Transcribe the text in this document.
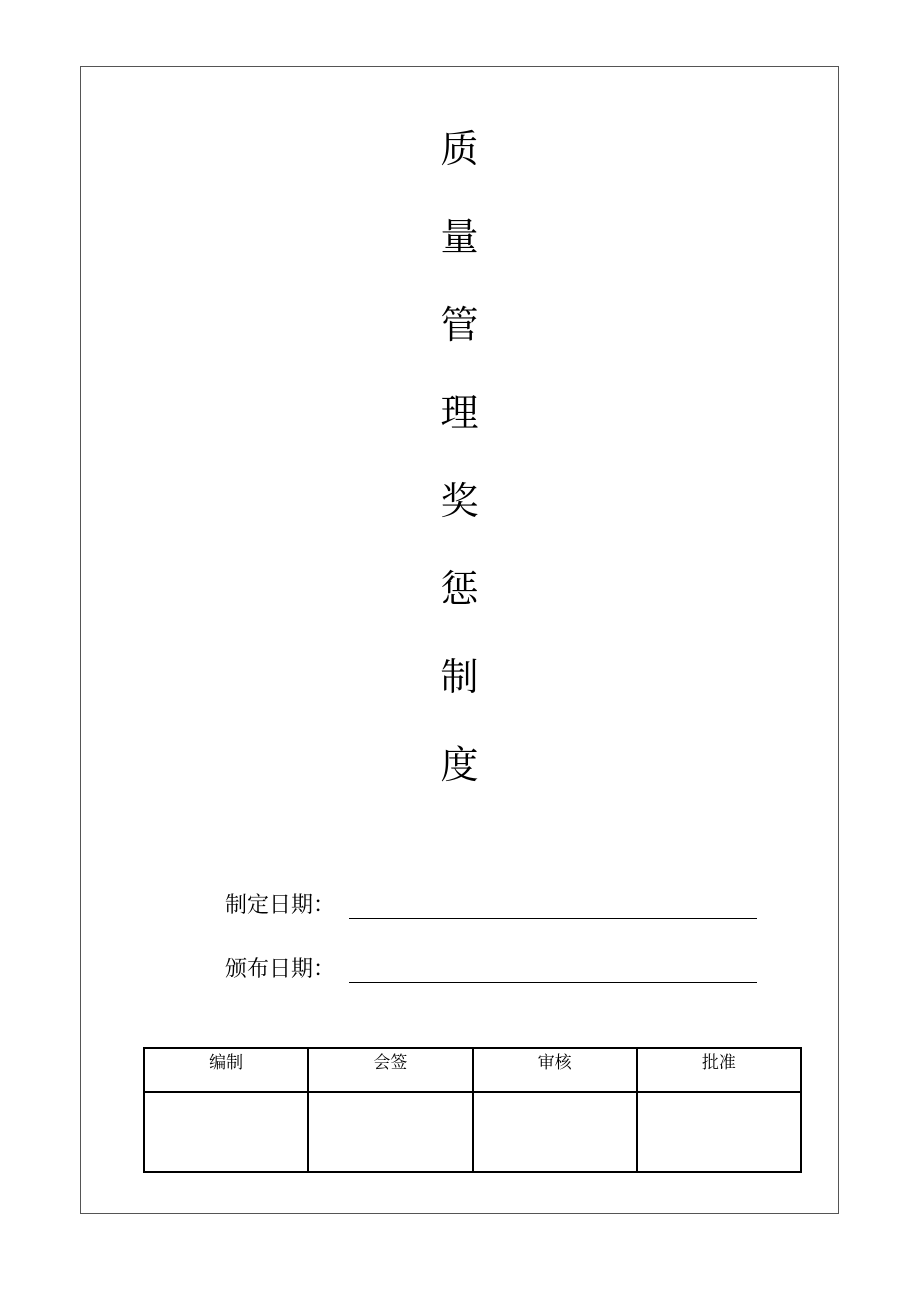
质
量
管
理
奖
惩
制
度
制定日期：
颁布日期：
编制	会签	审核	批准
